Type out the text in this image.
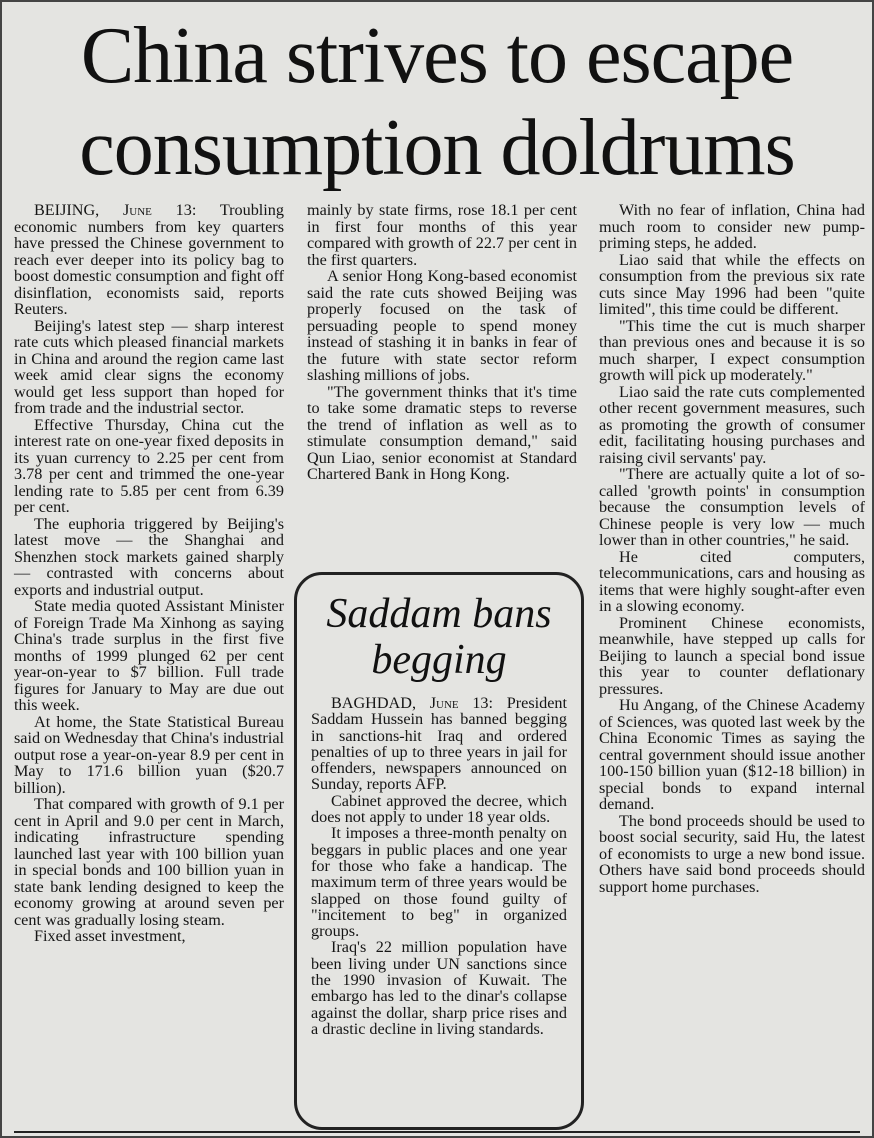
China strives to escape consumption doldrums

BEIJING, June 13: Troubling economic numbers from key quarters have pressed the Chinese government to reach ever deeper into its policy bag to boost domestic consumption and fight off disinflation, economists said, reports Reuters.

Beijing's latest step — sharp interest rate cuts which pleased financial markets in China and around the region came last week amid clear signs the economy would get less support than hoped for from trade and the industrial sector.

Effective Thursday, China cut the interest rate on one-year fixed deposits in its yuan currency to 2.25 per cent from 3.78 per cent and trimmed the one-year lending rate to 5.85 per cent from 6.39 per cent.

The euphoria triggered by Beijing's latest move — the Shanghai and Shenzhen stock markets gained sharply — contrasted with concerns about exports and industrial output.

State media quoted Assistant Minister of Foreign Trade Ma Xinhong as saying China's trade surplus in the first five months of 1999 plunged 62 per cent year-on-year to $7 billion. Full trade figures for January to May are due out this week.

At home, the State Statistical Bureau said on Wednesday that China's industrial output rose a year-on-year 8.9 per cent in May to 171.6 billion yuan ($20.7 billion).

That compared with growth of 9.1 per cent in April and 9.0 per cent in March, indicating infrastructure spending launched last year with 100 billion yuan in special bonds and 100 billion yuan in state bank lending designed to keep the economy growing at around seven per cent was gradually losing steam.

Fixed asset investment,

mainly by state firms, rose 18.1 per cent in first four months of this year compared with growth of 22.7 per cent in the first quarters.

A senior Hong Kong-based economist said the rate cuts showed Beijing was properly focused on the task of persuading people to spend money instead of stashing it in banks in fear of the future with state sector reform slashing millions of jobs.

"The government thinks that it's time to take some dramatic steps to reverse the trend of inflation as well as to stimulate consumption demand," said Qun Liao, senior economist at Standard Chartered Bank in Hong Kong.

Saddam bans begging

BAGHDAD, June 13: President Saddam Hussein has banned begging in sanctions-hit Iraq and ordered penalties of up to three years in jail for offenders, newspapers announced on Sunday, reports AFP.

Cabinet approved the decree, which does not apply to under 18 year olds.

It imposes a three-month penalty on beggars in public places and one year for those who fake a handicap. The maximum term of three years would be slapped on those found guilty of "incitement to beg" in organized groups.

Iraq's 22 million population have been living under UN sanctions since the 1990 invasion of Kuwait. The embargo has led to the dinar's collapse against the dollar, sharp price rises and a drastic decline in living standards.

With no fear of inflation, China had much room to consider new pump-priming steps, he added.

Liao said that while the effects on consumption from the previous six rate cuts since May 1996 had been "quite limited", this time could be different.

"This time the cut is much sharper than previous ones and because it is so much sharper, I expect consumption growth will pick up moderately."

Liao said the rate cuts complemented other recent government measures, such as promoting the growth of consumer edit, facilitating housing purchases and raising civil servants' pay.

"There are actually quite a lot of so-called 'growth points' in consumption because the consumption levels of Chinese people is very low — much lower than in other countries," he said.

He cited computers, telecommunications, cars and housing as items that were highly sought-after even in a slowing economy.

Prominent Chinese economists, meanwhile, have stepped up calls for Beijing to launch a special bond issue this year to counter deflationary pressures.

Hu Angang, of the Chinese Academy of Sciences, was quoted last week by the China Economic Times as saying the central government should issue another 100-150 billion yuan ($12-18 billion) in special bonds to expand internal demand.

The bond proceeds should be used to boost social security, said Hu, the latest of economists to urge a new bond issue. Others have said bond proceeds should support home purchases.
